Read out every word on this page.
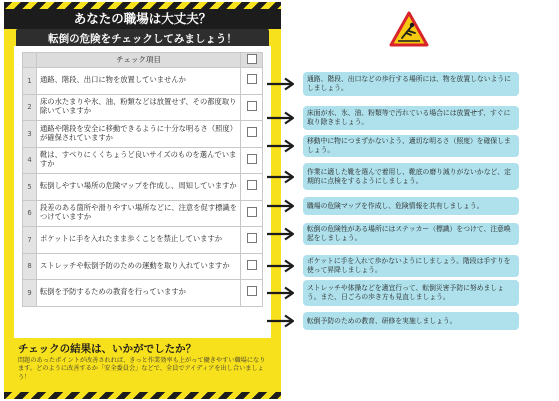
あなたの職場は大丈夫？
転倒の危険をチェックしてみましょう！
	チェック項目	
1	通路、階段、出口に物を放置していませんか	
2	床の水たまりや氷、油、粉類などは放置せず、その都度取り除いていますか	
3	通路や階段を安全に移動できるように十分な明るさ（照度）が確保されていますか	
4	靴は、すべりにくくちょうど良いサイズのものを選んでいますか	
5	転倒しやすい場所の危険マップを作成し、周知していますか	
6	段差のある箇所や滑りやすい場所などに、注意を促す標識をつけていますか	
7	ポケットに手を入れたまま歩くことを禁止していますか	
8	ストレッチや転倒予防のための運動を取り入れていますか	
9	転倒を予防するための教育を行っていますか	
チェックの結果は、いかがでしたか？
問題のあったポイントが改善されれば、きっと作業効率も上がって働きやすい職場になります。どのように改善するか「安全委員会」などで、全員でアイディアを出し合いましょう！
通路、階段、出口などの歩行する場所には、物を放置しないようにしましょう。
床面が水、氷、油、粉類等で汚れている場合には放置せず、すぐに取り除きましょう。
移動中に物につまずかないよう、適切な明るさ（照度）を確保しましょう。
作業に適した靴を選んで着用し、靴底の磨り減りがないかなど、定期的に点検をするようにしましょう。
職場の危険マップを作成し、危険情報を共有しましょう。
転倒の危険性がある場所にはステッカー（標識）をつけて、注意喚起をしましょう。
ポケットに手を入れて歩かないようにしましょう。階段は手すりを使って昇降しましょう。
ストレッチや体操などを適宜行って、転倒災害予防に努めましょう。また、日ごろの歩き方も見直しましょう。
転倒予防のための教育、研修を実施しましょう。
